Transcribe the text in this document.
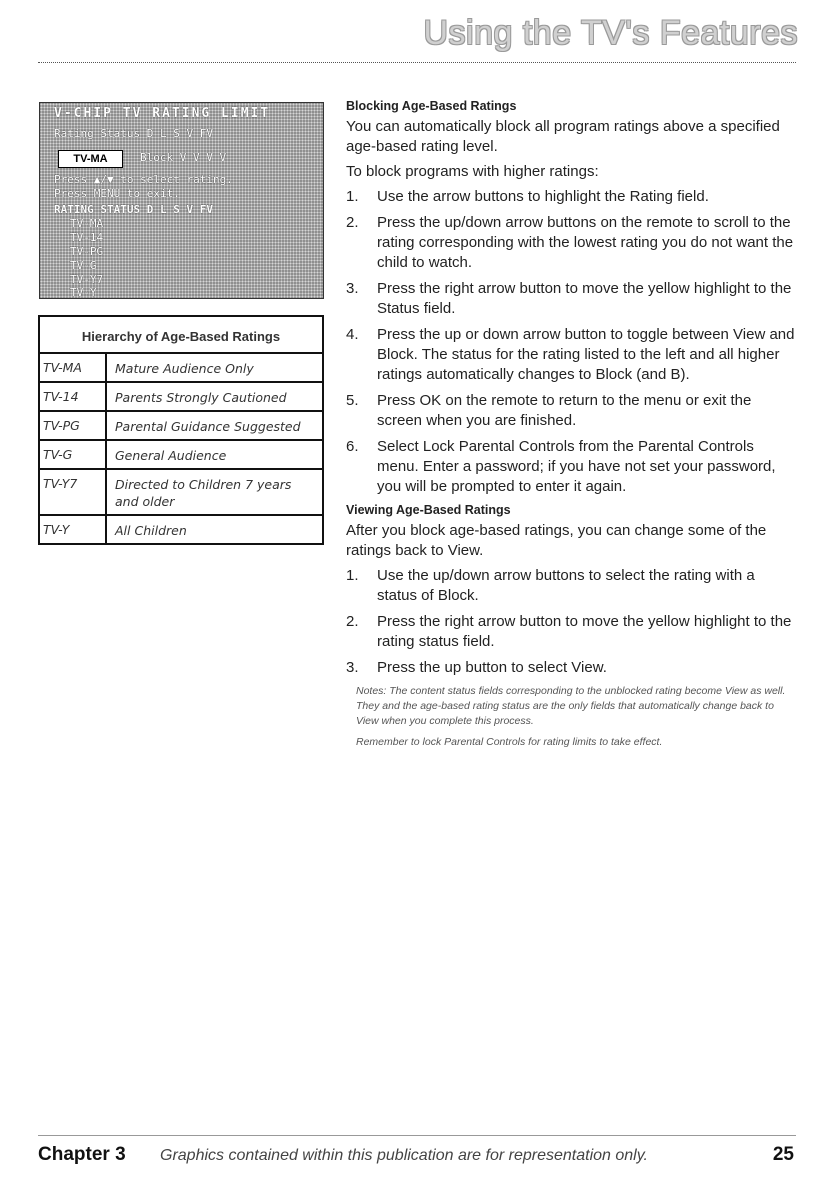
Using the TV's Features
V-CHIP TV RATING LIMIT
Rating Status D L S V FV
TV-MA	Block V V V V
Press ▲/▼ to select rating.
Press MENU to exit.
RATING STATUS D L S V FV
TV-MA
TV-14
TV-PG
TV-G
TV-Y7
TV-Y
Hierarchy of Age-Based Ratings	
TV-MA	Mature Audience Only
TV-14	Parents Strongly Cautioned
TV-PG	Parental Guidance Suggested
TV-G	General Audience
TV-Y7	Directed to Children 7 years and older
TV-Y	All Children
Blocking Age-Based Ratings

You can automatically block all program ratings above a specified age-based rating level.

To block programs with higher ratings:

1. Use the arrow buttons to highlight the Rating field.
2. Press the up/down arrow buttons on the remote to scroll to the rating corresponding with the lowest rating you do not want the child to watch.
3. Press the right arrow button to move the yellow highlight to the Status field.
4. Press the up or down arrow button to toggle between View and Block. The status for the rating listed to the left and all higher ratings automatically changes to Block (and B).
5. Press OK on the remote to return to the menu or exit the screen when you are finished.
6. Select Lock Parental Controls from the Parental Controls menu. Enter a password; if you have not set your password, you will be prompted to enter it again.
Viewing Age-Based Ratings

After you block age-based ratings, you can change some of the ratings back to View.

1. Use the up/down arrow buttons to select the rating with a status of Block.
2. Press the right arrow button to move the yellow highlight to the rating status field.
3. Press the up button to select View.

Notes: The content status fields corresponding to the unblocked rating become View as well. They and the age-based rating status are the only fields that automatically change back to View when you complete this process.

Remember to lock Parental Controls for rating limits to take effect.

Chapter 3 Graphics contained within this publication are for representation only.	25
